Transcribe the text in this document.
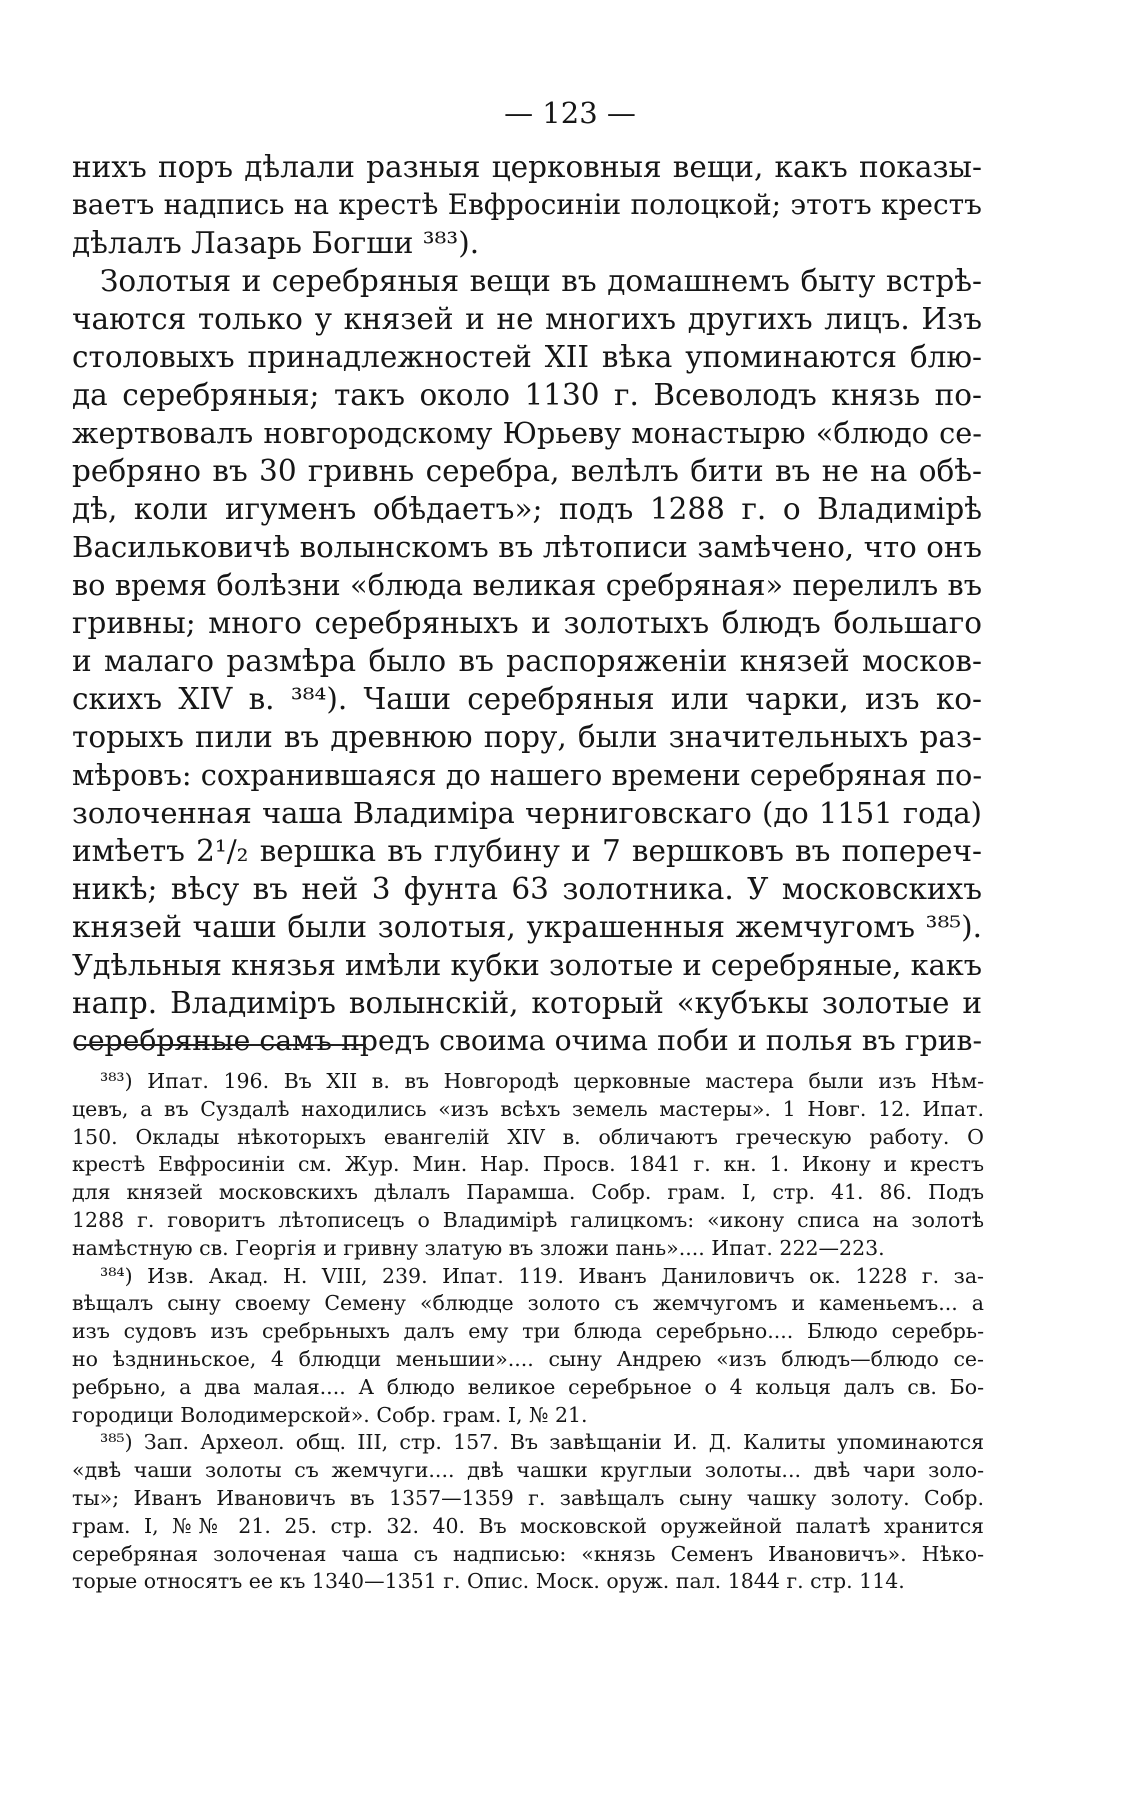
— 123 —
нихъ поръ дѣлали разныя церковныя вещи, какъ показы-
ваетъ надпись на крестѣ Евфросиніи полоцкой; этотъ крестъ
дѣлалъ Лазарь Богши ³⁸³).
Золотыя и серебряныя вещи въ домашнемъ быту встрѣ-
чаются только у князей и не многихъ другихъ лицъ. Изъ
столовыхъ принадлежностей XII вѣка упоминаются блю-
да серебряныя; такъ около 1130 г. Всеволодъ князь по-
жертвовалъ новгородскому Юрьеву монастырю «блюдо се-
ребряно въ 30 гривнь серебра, велѣлъ бити въ не на обѣ-
дѣ, коли игуменъ обѣдаетъ»; подъ 1288 г. о Владимірѣ
Васильковичѣ волынскомъ въ лѣтописи замѣчено, что онъ
во время болѣзни «блюда великая сребряная» перелилъ въ
гривны; много серебряныхъ и золотыхъ блюдъ большаго
и малаго размѣра было въ распоряженіи князей москов-
скихъ XIV в. ³⁸⁴). Чаши серебряныя или чарки, изъ ко-
торыхъ пили въ древнюю пору, были значительныхъ раз-
мѣровъ: сохранившаяся до нашего времени серебряная по-
золоченная чаша Владиміра черниговскаго (до 1151 года)
имѣетъ 2¹/₂ вершка въ глубину и 7 вершковъ въ попереч-
никѣ; вѣсу въ ней 3 фунта 63 золотника. У московскихъ
князей чаши были золотыя, украшенныя жемчугомъ ³⁸⁵).
Удѣльныя князья имѣли кубки золотые и серебряные, какъ
напр. Владиміръ волынскій, который «кубъкы золотые и
серебряные самъ предъ своима очима поби и полья въ грив-
³⁸³) Ипат. 196. Въ XII в. въ Новгородѣ церковные мастера были изъ Нѣм-
цевъ, а въ Суздалѣ находились «изъ всѣхъ земель мастеры». 1 Новг. 12. Ипат.
150. Оклады нѣкоторыхъ евангелій XIV в. обличаютъ греческую работу. О
крестѣ Евфросиніи см. Жур. Мин. Нар. Просв. 1841 г. кн. 1. Икону и крестъ
для князей московскихъ дѣлалъ Парамша. Собр. грам. I, стр. 41. 86. Подъ
1288 г. говоритъ лѣтописецъ о Владимірѣ галицкомъ: «икону списа на золотѣ
намѣстную св. Георгія и гривну златую въ зложи пань».... Ипат. 222—223.
³⁸⁴) Изв. Акад. Н. VIII, 239. Ипат. 119. Иванъ Даниловичъ ок. 1228 г. за-
вѣщалъ сыну своему Семену «блюдце золото съ жемчугомъ и каменьемъ... а
изъ судовъ изъ сребрьныхъ далъ ему три блюда серебрьно.... Блюдо серебрь-
но ѣздниньское, 4 блюдци меньшии».... сыну Андрею «изъ блюдъ—блюдо се-
ребрьно, а два малая.... А блюдо великое серебрьное о 4 кольця далъ св. Бо-
городици Володимерской». Собр. грам. I, № 21.
³⁸⁵) Зап. Археол. общ. III, стр. 157. Въ завѣщаніи И. Д. Калиты упоминаются
«двѣ чаши золоты съ жемчуги.... двѣ чашки круглыи золоты... двѣ чари золо-
ты»; Иванъ Ивановичъ въ 1357—1359 г. завѣщалъ сыну чашку золоту. Собр.
грам. I, №№ 21. 25. стр. 32. 40. Въ московской оружейной палатѣ хранится
серебряная золоченая чаша съ надписью: «князь Семенъ Ивановичъ». Нѣко-
торые относятъ ее къ 1340—1351 г. Опис. Моск. оруж. пал. 1844 г. стр. 114.
